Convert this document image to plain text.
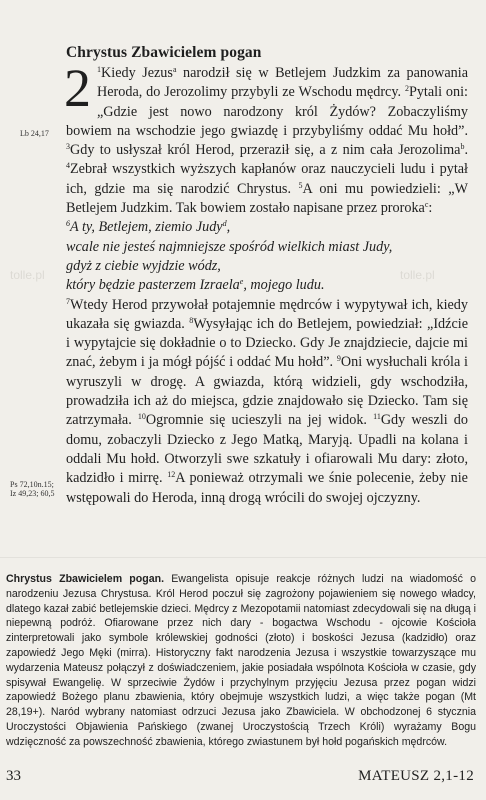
tolle.pl	tolle.pl
Chrystus Zbawicielem pogan
Lb 24,17
Ps 72,10n.15;
Iz 49,23; 60,5

2 $^1$Kiedy Jezus$^a$ narodził się w Betlejem Judzkim za panowania Heroda, do Jerozolimy przybyli ze Wschodu mędrcy. $^2$Pytali oni: „Gdzie jest nowo narodzony król Żydów? Zobaczyliśmy bowiem na wschodzie jego gwiazdę i przybyliśmy oddać Mu hołd”. $^3$Gdy to usłyszał król Herod, przeraził się, a z nim cała Jerozolima$^b$. $^4$Zebrał wszystkich wyższych kapłanów oraz nauczycieli ludu i pytał ich, gdzie ma się narodzić Chrystus. $^5$A oni mu powiedzieli: „W Betlejem Judzkim. Tak bowiem zostało napisane przez proroka$^c$:

$^6$A ty, Betlejem, ziemio Judy$^d$,
wcale nie jesteś najmniejsze spośród wielkich miast Judy,
gdyż z ciebie wyjdzie wódz,
który będzie pasterzem Izraela$^e$, mojego ludu.

$^7$Wtedy Herod przywołał potajemnie mędrców i wypytywał ich, kiedy ukazała się gwiazda. $^8$Wysyłając ich do Betlejem, powiedział: „Idźcie i wypytajcie się dokładnie o to Dziecko. Gdy Je znajdziecie, dajcie mi znać, żebym i ja mógł pójść i oddać Mu hołd”. $^9$Oni wysłuchali króla i wyruszyli w drogę. A gwiazda, którą widzieli, gdy wschodziła, prowadziła ich aż do miejsca, gdzie znajdowało się Dziecko. Tam się zatrzymała. $^{10}$Ogromnie się ucieszyli na jej widok. $^{11}$Gdy weszli do domu, zobaczyli Dziecko z Jego Matką, Maryją. Upadli na kolana i oddali Mu hołd. Otworzyli swe szkatuły i ofiarowali Mu dary: złoto, kadzidło i mirrę. $^{12}$A ponieważ otrzymali we śnie polecenie, żeby nie wstępowali do Heroda, inną drogą wrócili do swojej ojczyzny.

Chrystus Zbawicielem pogan. Ewangelista opisuje reakcje różnych ludzi na wiadomość o narodzeniu Jezusa Chrystusa. Król Herod poczuł się zagrożony pojawieniem się nowego władcy, dlatego kazał zabić betlejemskie dzieci. Mędrcy z Mezopotamii natomiast zdecydowali się na długą i niepewną podróż. Ofiarowane przez nich dary - bogactwa Wschodu - ojcowie Kościoła zinterpretowali jako symbole królewskiej godności (złoto) i boskości Jezusa (kadzidło) oraz zapowiedź Jego Męki (mirra). Historyczny fakt narodzenia Jezusa i wszystkie towarzyszące mu wydarzenia Mateusz połączył z doświadczeniem, jakie posiadała wspólnota Kościoła w czasie, gdy spisywał Ewangelię. W sprzeciwie Żydów i przychylnym przyjęciu Jezusa przez pogan widzi zapowiedź Bożego planu zbawienia, który obejmuje wszystkich ludzi, a więc także pogan (Mt 28,19+). Naród wybrany natomiast odrzuci Jezusa jako Zbawiciela. W obchodzonej 6 stycznia Uroczystości Objawienia Pańskiego (zwanej Uroczystością Trzech Króli) wyrażamy Bogu wdzięczność za powszechność zbawienia, którego zwiastunem był hołd pogańskich mędrców.
33	MATEUSZ 2,1-12
